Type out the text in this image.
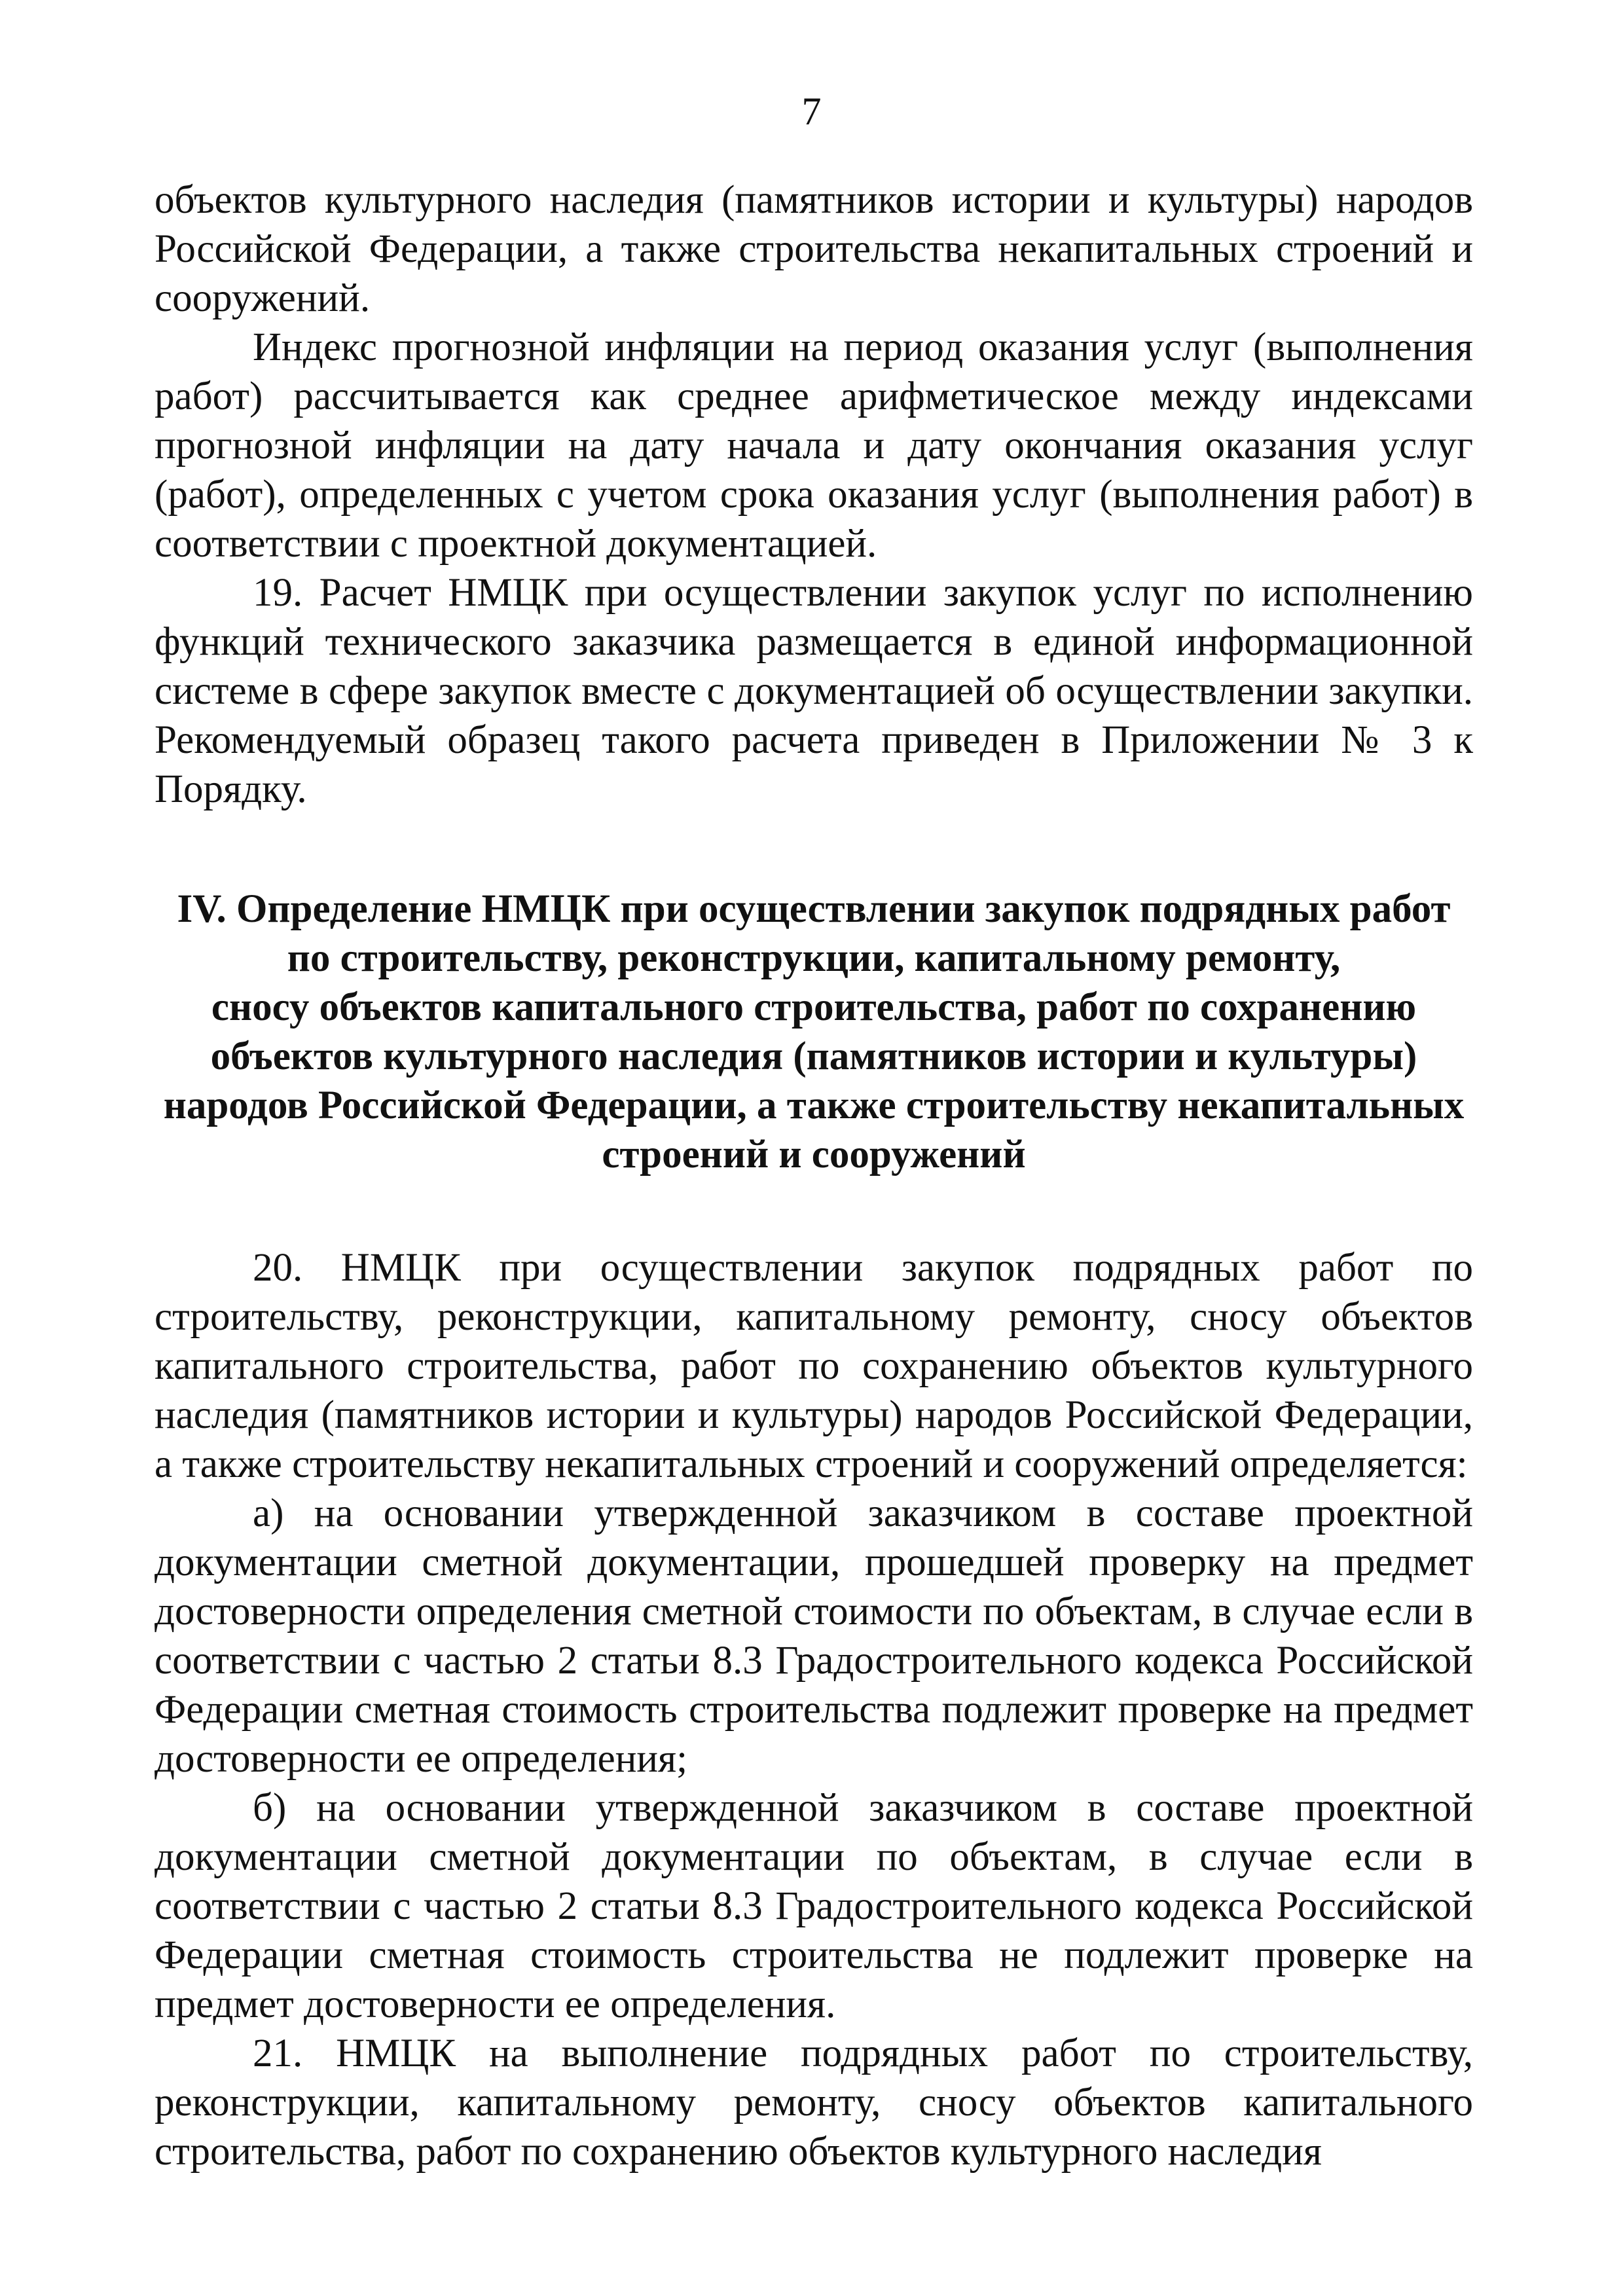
7

объектов культурного наследия (памятников истории и культуры) народов Российской Федерации, а также строительства некапитальных строений и сооружений.

Индекс прогнозной инфляции на период оказания услуг (выполнения работ) рассчитывается как среднее арифметическое между индексами прогнозной инфляции на дату начала и дату окончания оказания услуг (работ), определенных с учетом срока оказания услуг (выполнения работ) в соответствии с проектной документацией.

19. Расчет НМЦК при осуществлении закупок услуг по исполнению функций технического заказчика размещается в единой информационной системе в сфере закупок вместе с документацией об осуществлении закупки. Рекомендуемый образец такого расчета приведен в Приложении № 3 к Порядку.

IV. Определение НМЦК при осуществлении закупок подрядных работ
по строительству, реконструкции, капитальному ремонту,
сносу объектов капитального строительства, работ по сохранению
объектов культурного наследия (памятников истории и культуры)
народов Российской Федерации, а также строительству некапитальных
строений и сооружений

20. НМЦК при осуществлении закупок подрядных работ по строительству, реконструкции, капитальному ремонту, сносу объектов капитального строительства, работ по сохранению объектов культурного наследия (памятников истории и культуры) народов Российской Федерации, а также строительству некапитальных строений и сооружений определяется:

а) на основании утвержденной заказчиком в составе проектной документации сметной документации, прошедшей проверку на предмет достоверности определения сметной стоимости по объектам, в случае если в соответствии с частью 2 статьи 8.3 Градостроительного кодекса Российской Федерации сметная стоимость строительства подлежит проверке на предмет достоверности ее определения;

б) на основании утвержденной заказчиком в составе проектной документации сметной документации по объектам, в случае если в соответствии с частью 2 статьи 8.3 Градостроительного кодекса Российской Федерации сметная стоимость строительства не подлежит проверке на предмет достоверности ее определения.

21. НМЦК на выполнение подрядных работ по строительству, реконструкции, капитальному ремонту, сносу объектов капитального строительства, работ по сохранению объектов культурного наследия
